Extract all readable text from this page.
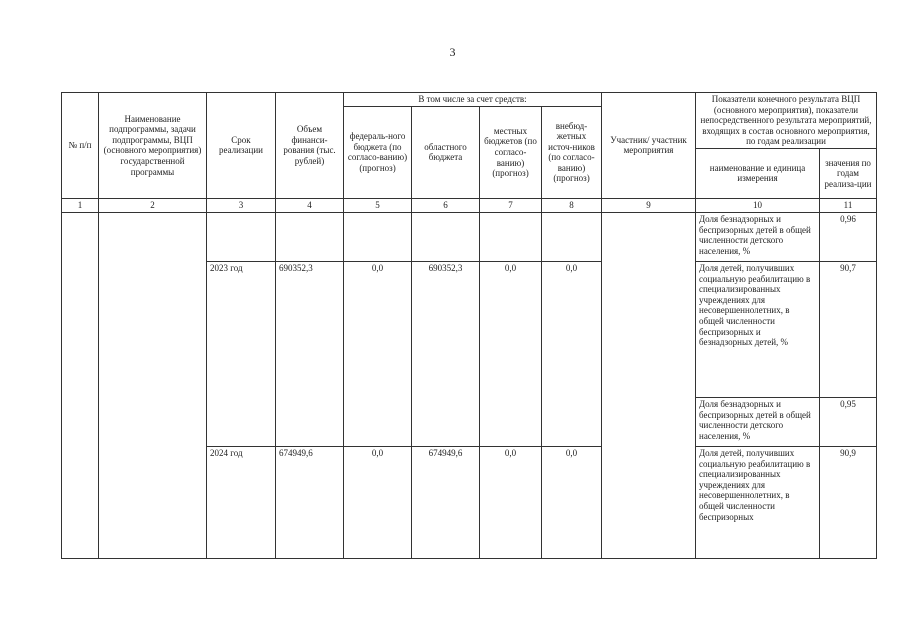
3
№ п/п	Наименование подпрограммы, задачи подпрограммы, ВЦП (основного мероприятия) государственной программы	Срок реализации	Объем финанси-рования (тыс. рублей)	В том числе за счет средств:				Участник/ участник мероприятия	Показатели конечного результата ВЦП (основного мероприятия), показатели непосредственного результата мероприятий, входящих в состав основного мероприятия, по годам реализации	
				федераль-ного бюджета (по согласо-ванию) (прогноз)	областного бюджета	местных бюджетов (по согласо-ванию) (прогноз)	внебюд-жетных источ-ников (по согласо-ванию) (прогноз)			
									наименование и единица измерения	значения по годам реализа-ции
1	2	3	4	5	6	7	8	9	10	11
									Доля безнадзорных и беспризорных детей в общей численности детского населения, %	0,96
		2023 год	690352,3	0,0	690352,3	0,0	0,0		Доля детей, получивших социальную реабилитацию в специализированных учреждениях для несовершеннолетних, в общей численности беспризорных и безнадзорных детей, %	90,7
									Доля безнадзорных и беспризорных детей в общей численности детского населения, %	0,95
		2024 год	674949,6	0,0	674949,6	0,0	0,0		Доля детей, получивших социальную реабилитацию в специализированных учреждениях для несовершеннолетних, в общей численности беспризорных	90,9
